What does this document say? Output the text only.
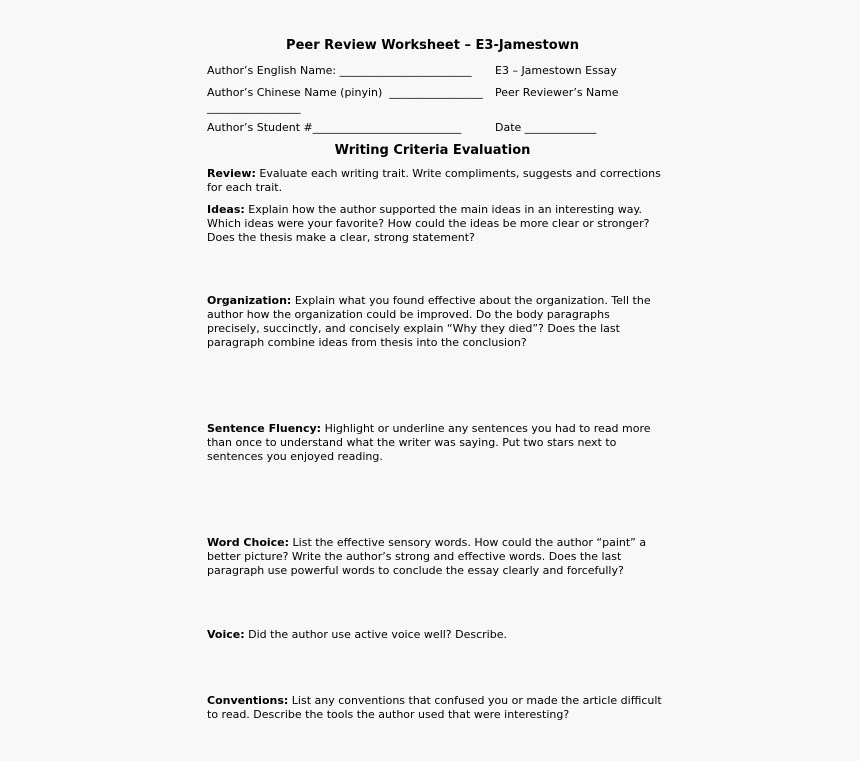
Peer Review Worksheet – E3-Jamestown
Author’s English Name: ________________________ E3 – Jamestown Essay
Author’s Chinese Name (pinyin)  _________________ Peer Reviewer’s Name
_________________
Author’s Student #___________________________	Date _____________
Writing Criteria Evaluation
Review: Evaluate each writing trait. Write compliments, suggests and corrections for each trait.
Ideas: Explain how the author supported the main ideas in an interesting way. Which ideas were your favorite? How could the ideas be more clear or stronger? Does the thesis make a clear, strong statement?
Organization: Explain what you found effective about the organization. Tell the author how the organization could be improved. Do the body paragraphs precisely, succinctly, and concisely explain “Why they died”? Does the last paragraph combine ideas from thesis into the conclusion?
Sentence Fluency: Highlight or underline any sentences you had to read more than once to understand what the writer was saying. Put two stars next to sentences you enjoyed reading.
Word Choice: List the effective sensory words. How could the author “paint” a better picture? Write the author’s strong and effective words. Does the last paragraph use powerful words to conclude the essay clearly and forcefully?
Voice: Did the author use active voice well? Describe.
Conventions: List any conventions that confused you or made the article difficult to read. Describe the tools the author used that were interesting?
